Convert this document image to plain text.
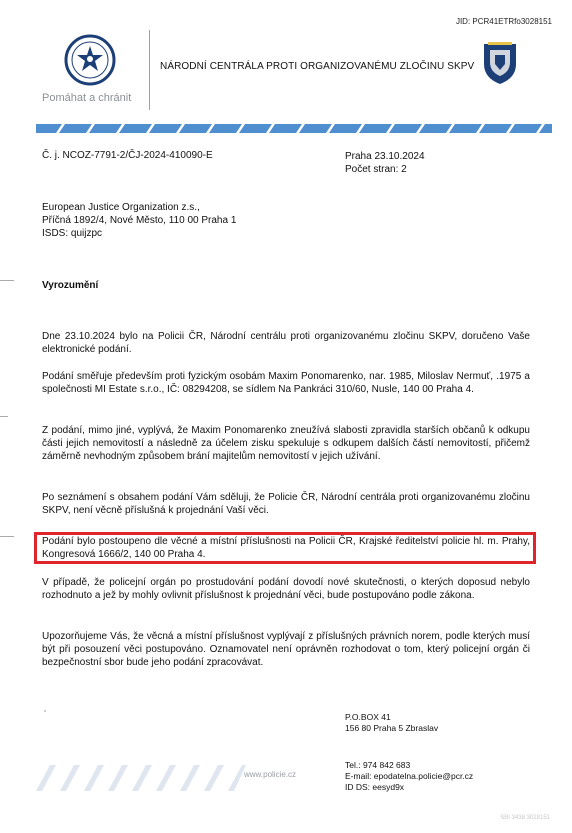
JID: PCR41ETRfo3028151
Pomáhat a chránit
NÁRODNÍ CENTRÁLA PROTI ORGANIZOVANÉMU ZLOČINU SKPV
Č. j. NCOZ-7791-2/ČJ-2024-410090-E	Praha 23.10.2024
Počet stran: 2
European Justice Organization z.s.,
Příčná 1892/4, Nové Město, 110 00 Praha 1
ISDS: quijzpc
Vyrozumění
Dne 23.10.2024 bylo na Policii ČR, Národní centrálu proti organizovanému zločinu SKPV, doručeno Vaše elektronické podání.
Podání směřuje především proti fyzickým osobám Maxim Ponomarenko, nar. 1985, Miloslav Nermuť, .1975 a společnosti MI Estate s.r.o., IČ: 08294208, se sídlem Na Pankráci 310/60, Nusle, 140 00 Praha 4.
Z podání, mimo jiné, vyplývá, že Maxim Ponomarenko zneužívá slabosti zpravidla starších občanů k odkupu části jejich nemovitostí a následně za účelem zisku spekuluje s odkupem dalších částí nemovitostí, přičemž záměrně nevhodným způsobem brání majitelům nemovitostí v jejich užívání.
Po seznámení s obsahem podání Vám sděluji, že Policie ČR, Národní centrála proti organizovanému zločinu SKPV, není věcně příslušná k projednání Vaší věci.
Podání bylo postoupeno dle věcné a místní příslušnosti na Policii ČR, Krajské ředitelství policie hl. m. Prahy, Kongresová 1666/2, 140 00 Praha 4.
V případě, že policejní orgán po prostudování podání dovodí nové skutečnosti, o kterých doposud nebylo rozhodnuto a jež by mohly ovlivnit příslušnost k projednání věci, bude postupováno podle zákona.
Upozorňujeme Vás, že věcná a místní příslušnost vyplývají z příslušných právních norem, podle kterých musí být při posouzení věci postupováno. Oznamovatel není oprávněn rozhodovat o tom, který policejní orgán či bezpečnostní sbor bude jeho podání zpracovávat.
P.O.BOX 41
156 80 Praha 5 Zbraslav
Tel.: 974 842 683
E-mail: epodatelna.policie@pcr.cz
ID DS: eesyd9x
www.policie.cz
SBI 3438 3028151
